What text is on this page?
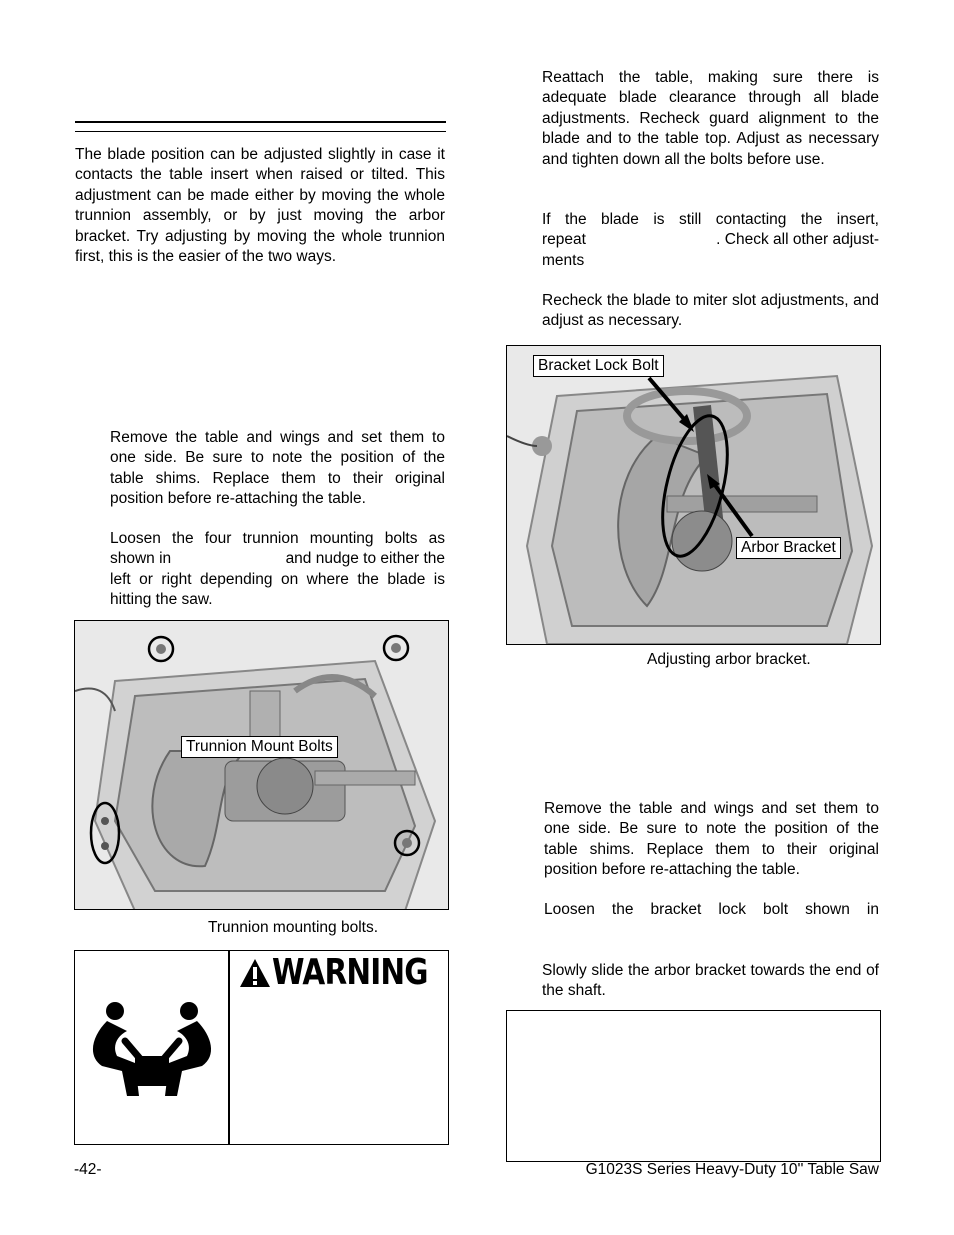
The blade position can be adjusted slightly in case it contacts the table insert when raised or tilted. This adjustment can be made either by moving the whole trunnion assembly, or by just moving the arbor bracket. Try adjusting by moving the whole trunnion first, this is the easier of the two ways.

Remove the table and wings and set them to one side. Be sure to note the position of the table shims. Replace them to their original position before re-attaching the table.

Loosen the four trunnion mounting bolts as
shown in	and nudge to either the
left or right depending on where the blade is hitting the saw.
Trunnion Mount Bolts
Trunnion mounting bolts.
WARNING

Reattach the table, making sure there is adequate blade clearance through all blade adjustments. Recheck guard alignment to the blade and to the table top. Adjust as necessary and tighten down all the bolts before use.

If the blade is still contacting the insert,
repeat	. Check all other adjust-
ments

Recheck the blade to miter slot adjustments, and adjust as necessary.

Bracket Lock Bolt
Arbor Bracket
Adjusting arbor bracket.

Remove the table and wings and set them to one side. Be sure to note the position of the table shims. Replace them to their original position before re-attaching the table.

Loosen the bracket lock bolt shown in

Slowly slide the arbor bracket towards the end of the shaft.

-42-	G1023S Series Heavy-Duty 10'' Table Saw
